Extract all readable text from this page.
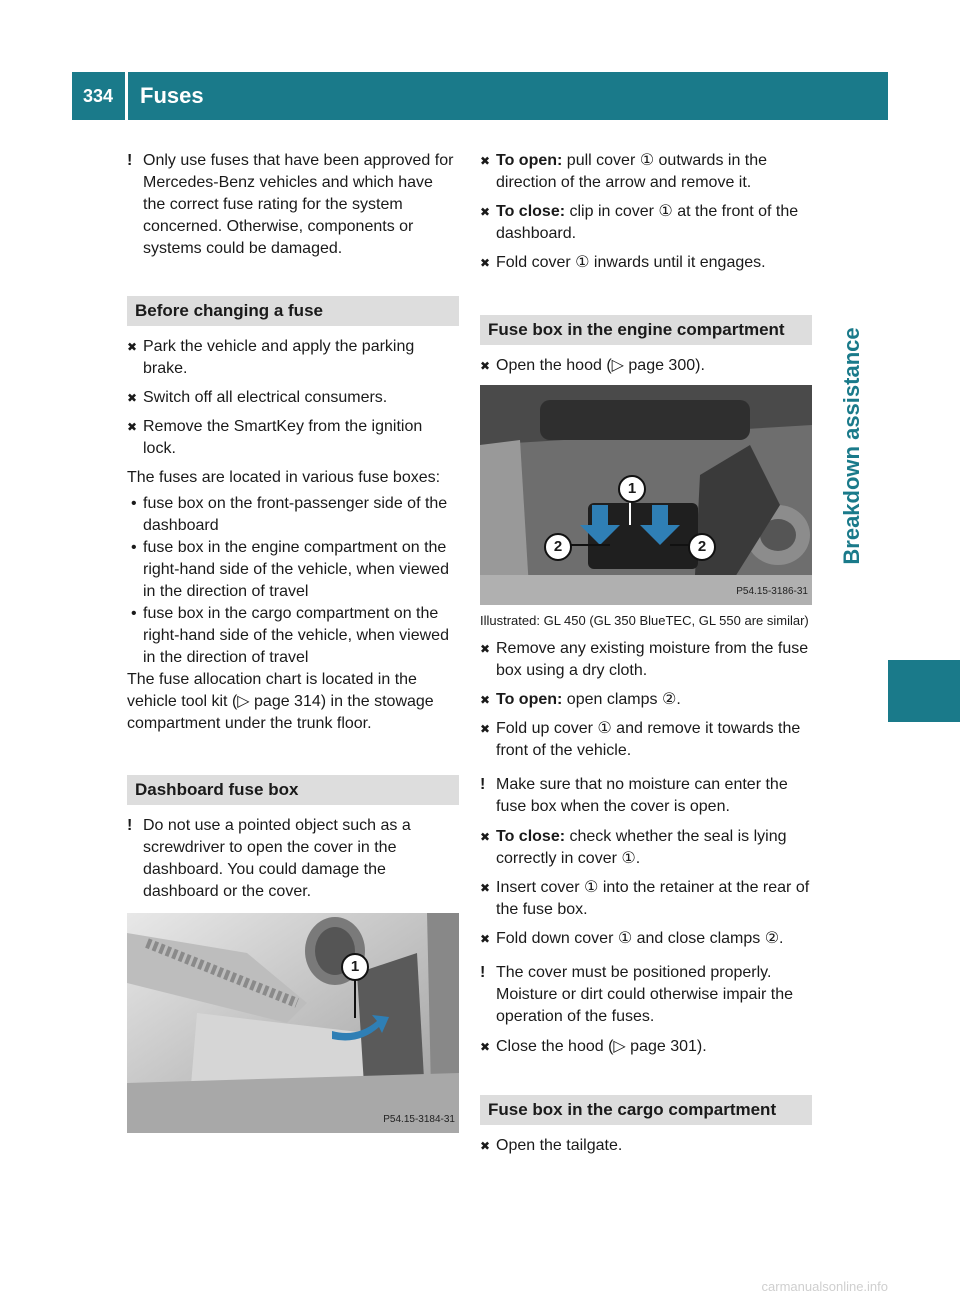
334	Fuses
Breakdown assistance
! Only use fuses that have been approved for Mercedes-Benz vehicles and which have the correct fuse rating for the system concerned. Otherwise, components or systems could be damaged.

Before changing a fuse
✖ Park the vehicle and apply the parking brake.

✖ Switch off all electrical consumers.

✖ Remove the SmartKey from the ignition lock.

The fuses are located in various fuse boxes:

• fuse box on the front-passenger side of the dashboard

• fuse box in the engine compartment on the right-hand side of the vehicle, when viewed in the direction of travel

• fuse box in the cargo compartment on the right-hand side of the vehicle, when viewed in the direction of travel

The fuse allocation chart is located in the vehicle tool kit (▷ page 314) in the stowage compartment under the trunk floor.

Dashboard fuse box
! Do not use a pointed object such as a screwdriver to open the cover in the dashboard. You could damage the dashboard or the cover.

1
P54.15-3184-31
✖ To open: pull cover ① outwards in the direction of the arrow and remove it.

✖ To close: clip in cover ① at the front of the dashboard.

✖ Fold cover ① inwards until it engages.

Fuse box in the engine compartment
✖ Open the hood (▷ page 300).

1
2	2
P54.15-3186-31

Illustrated: GL 450 (GL 350 BlueTEC, GL 550 are similar)

✖ Remove any existing moisture from the fuse box using a dry cloth.

✖ To open: open clamps ②.

✖ Fold up cover ① and remove it towards the front of the vehicle.

! Make sure that no moisture can enter the fuse box when the cover is open.

✖ To close: check whether the seal is lying correctly in cover ①.

✖ Insert cover ① into the retainer at the rear of the fuse box.

✖ Fold down cover ① and close clamps ②.

! The cover must be positioned properly. Moisture or dirt could otherwise impair the operation of the fuses.

✖ Close the hood (▷ page 301).

Fuse box in the cargo compartment
✖ Open the tailgate.

carmanualsonline.info
